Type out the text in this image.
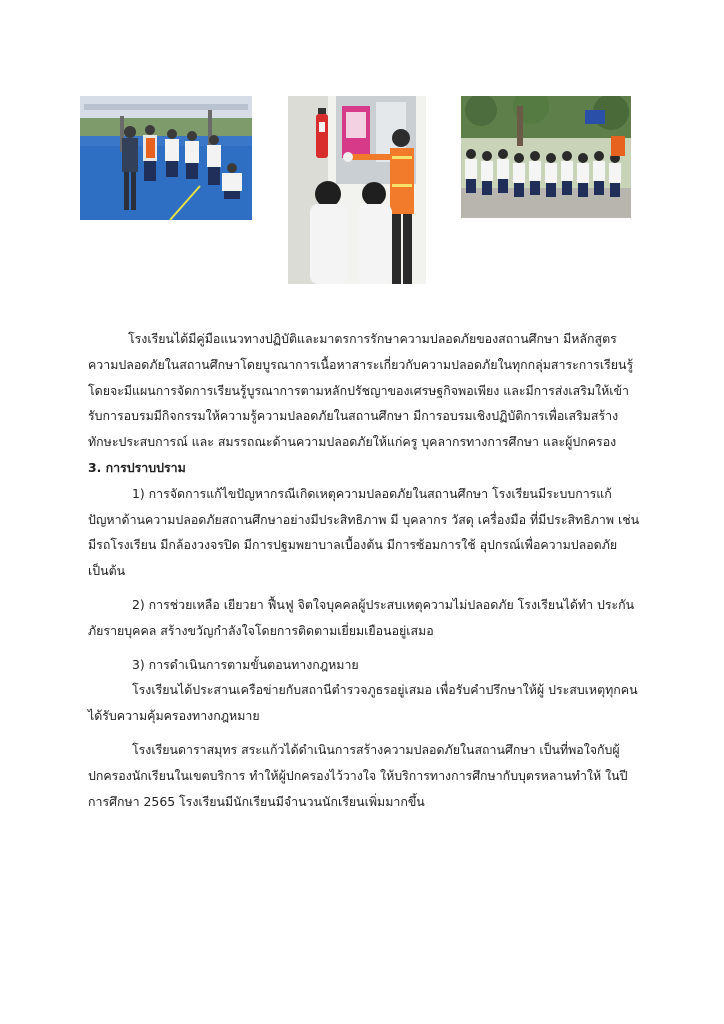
โรงเรียนได้มีคู่มือแนวทางปฏิบัติและมาตรการรักษาความปลอดภัยของสถานศึกษา มีหลักสูตรความปลอดภัยในสถานศึกษาโดยบูรณาการเนื้อหาสาระเกี่ยวกับความปลอดภัยในทุกกลุ่มสาระการเรียนรู้โดยจะมีแผนการจัดการเรียนรู้บูรณาการตามหลักปรัชญาของเศรษฐกิจพอเพียง และมีการส่งเสริมให้เข้ารับการอบรมมีกิจกรรมให้ความรู้ความปลอดภัยในสถานศึกษา มีการอบรมเชิงปฏิบัติการเพื่อเสริมสร้างทักษะประสบการณ์ และ สมรรถณะด้านความปลอดภัยให้แก่ครู บุคลากรทางการศึกษา และผู้ปกครอง

3. การปราบปราม

1) การจัดการแก้ไขปัญหากรณีเกิดเหตุความปลอดภัยในสถานศึกษา โรงเรียนมีระบบการแก้ปัญหาด้านความปลอดภัยสถานศึกษาอย่างมีประสิทธิภาพ มี บุคลากร วัสดุ เครื่องมือ ที่มีประสิทธิภาพ เช่นมีรถโรงเรียน มีกล้องวงจรปิด มีการปฐมพยาบาลเบื้องต้น มีการซ้อมการใช้ อุปกรณ์เพื่อความปลอดภัย เป็นต้น

2) การช่วยเหลือ เยียวยา ฟื้นฟู จิตใจบุคคลผู้ประสบเหตุความไม่ปลอดภัย โรงเรียนได้ทำ ประกันภัยรายบุคคล สร้างขวัญกำลังใจโดยการติดตามเยี่ยมเยือนอยู่เสมอ

3) การดำเนินการตามขั้นตอนทางกฎหมาย

โรงเรียนได้ประสานเครือข่ายกับสถานีตำรวจภูธรอยู่เสมอ เพื่อรับคำปรึกษาให้ผู้ ประสบเหตุทุกคนได้รับความคุ้มครองทางกฎหมาย

โรงเรียนดาราสมุทร สระแก้วได้ดำเนินการสร้างความปลอดภัยในสถานศึกษา เป็นที่พอใจกับผู้ปกครองนักเรียนในเขตบริการ ทำให้ผู้ปกครองไว้วางใจ ให้บริการทางการศึกษากับบุตรหลานทำให้ ในปีการศึกษา 2565 โรงเรียนมีนักเรียนมีจำนวนนักเรียนเพิ่มมากขึ้น
